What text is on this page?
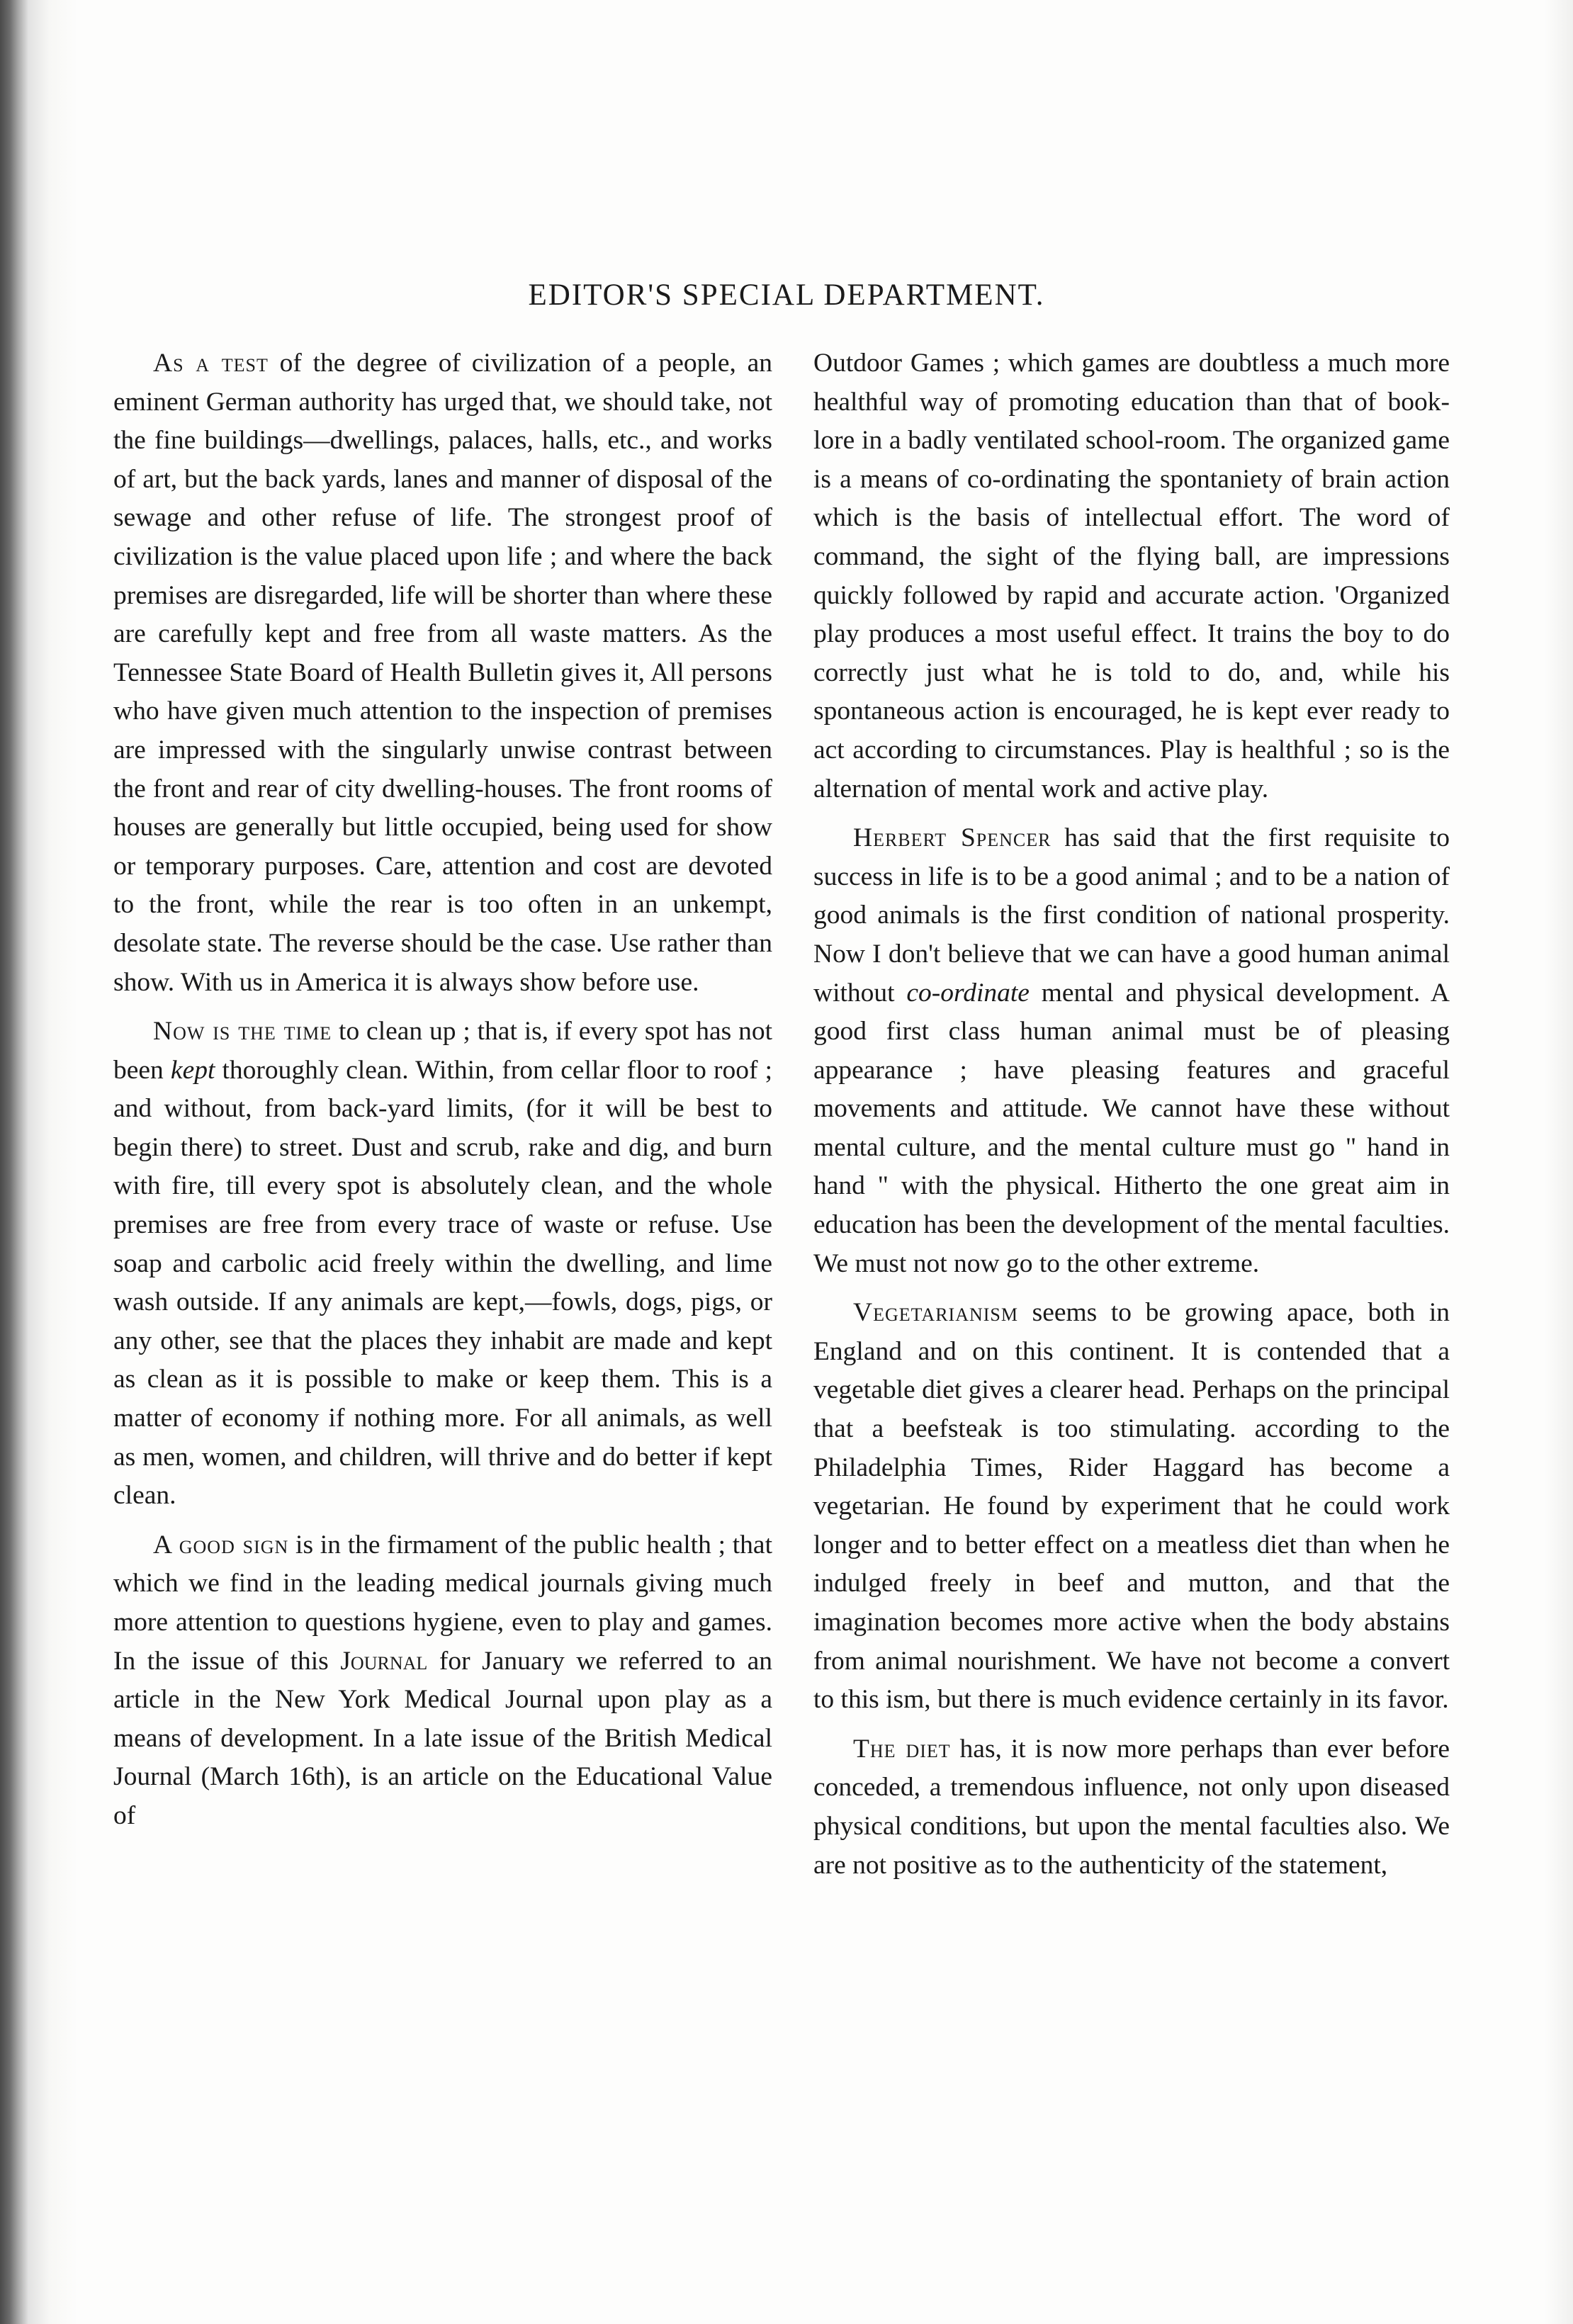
EDITOR'S SPECIAL DEPARTMENT.

As a test of the degree of civilization of a people, an eminent German authority has urged that, we should take, not the fine buildings—dwellings, palaces, halls, etc., and works of art, but the back yards, lanes and manner of disposal of the sewage and other refuse of life. The strongest proof of civilization is the value placed upon life ; and where the back premises are disregarded, life will be shorter than where these are carefully kept and free from all waste matters. As the Tennessee State Board of Health Bulletin gives it, All persons who have given much attention to the inspection of premises are impressed with the singularly unwise contrast between the front and rear of city dwelling-houses. The front rooms of houses are generally but little occupied, being used for show or temporary purposes. Care, attention and cost are devoted to the front, while the rear is too often in an unkempt, desolate state. The reverse should be the case. Use rather than show. With us in America it is always show before use.

Now is the time to clean up ; that is, if every spot has not been kept thoroughly clean. Within, from cellar floor to roof ; and without, from back-yard limits, (for it will be best to begin there) to street. Dust and scrub, rake and dig, and burn with fire, till every spot is absolutely clean, and the whole premises are free from every trace of waste or refuse. Use soap and carbolic acid freely within the dwelling, and lime wash outside. If any animals are kept,—fowls, dogs, pigs, or any other, see that the places they inhabit are made and kept as clean as it is possible to make or keep them. This is a matter of economy if nothing more. For all animals, as well as men, women, and children, will thrive and do better if kept clean.

A good sign is in the firmament of the public health ; that which we find in the leading medical journals giving much more attention to questions hygiene, even to play and games. In the issue of this Journal for January we referred to an article in the New York Medical Journal upon play as a means of development. In a late issue of the British Medical Journal (March 16th), is an article on the Educational Value of

Outdoor Games ; which games are doubtless a much more healthful way of promoting education than that of book-lore in a badly ventilated school-room. The organized game is a means of co-ordinating the spontaniety of brain action which is the basis of intellectual effort. The word of command, the sight of the flying ball, are impressions quickly followed by rapid and accurate action. 'Organized play produces a most useful effect. It trains the boy to do correctly just what he is told to do, and, while his spontaneous action is encouraged, he is kept ever ready to act according to circumstances. Play is healthful ; so is the alternation of mental work and active play.

Herbert Spencer has said that the first requisite to success in life is to be a good animal ; and to be a nation of good animals is the first condition of national prosperity. Now I don't believe that we can have a good human animal without co-ordinate mental and physical development. A good first class human animal must be of pleasing appearance ; have pleasing features and graceful movements and attitude. We cannot have these without mental culture, and the mental culture must go " hand in hand " with the physical. Hitherto the one great aim in education has been the development of the mental faculties. We must not now go to the other extreme.

Vegetarianism seems to be growing apace, both in England and on this continent. It is contended that a vegetable diet gives a clearer head. Perhaps on the principal that a beefsteak is too stimulating. according to the Philadelphia Times, Rider Haggard has become a vegetarian. He found by experiment that he could work longer and to better effect on a meatless diet than when he indulged freely in beef and mutton, and that the imagination becomes more active when the body abstains from animal nourishment. We have not become a convert to this ism, but there is much evidence certainly in its favor.

The diet has, it is now more perhaps than ever before conceded, a tremendous influence, not only upon diseased physical conditions, but upon the mental faculties also. We are not positive as to the authenticity of the statement,
